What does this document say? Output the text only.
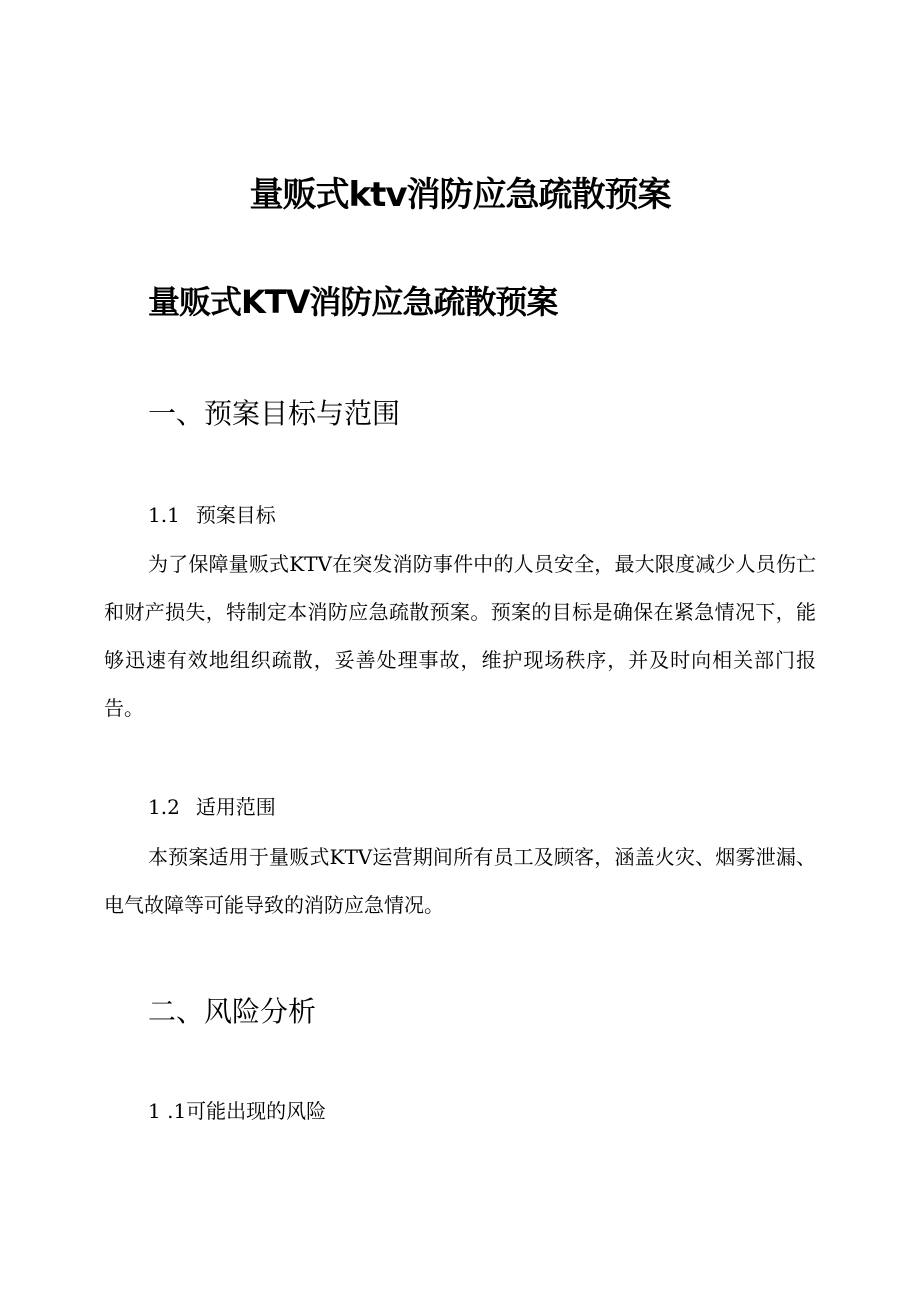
量贩式ktv消防应急疏散预案
量贩式KTV消防应急疏散预案
一、预案目标与范围
1.1 预案目标

为了保障量贩式KTV在突发消防事件中的人员安全，最大限度减少人员伤亡和财产损失，特制定本消防应急疏散预案。预案的目标是确保在紧急情况下，能够迅速有效地组织疏散，妥善处理事故，维护现场秩序，并及时向相关部门报告。

1.2 适用范围

本预案适用于量贩式KTV运营期间所有员工及顾客，涵盖火灾、烟雾泄漏、电气故障等可能导致的消防应急情况。

二、风险分析
1 .1可能出现的风险
